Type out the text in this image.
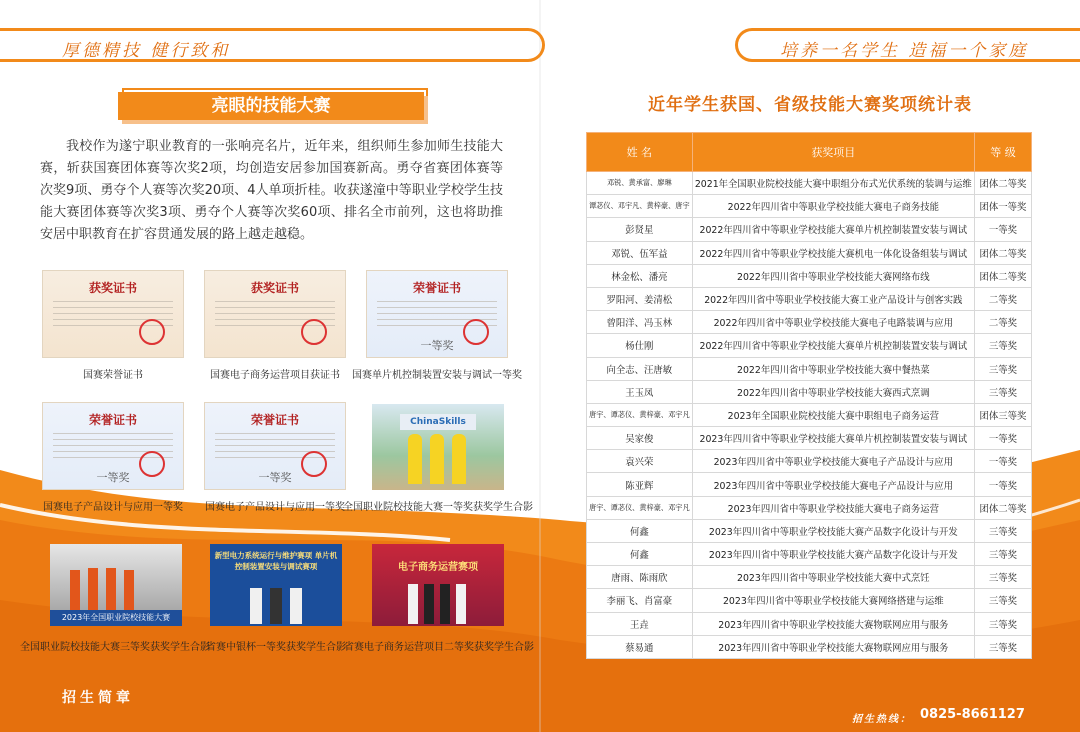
厚德精技 健行致和	培养一名学生 造福一个家庭
亮眼的技能大赛
我校作为遂宁职业教育的一张响亮名片，近年来，组织师生参加师生技能大赛，斩获国赛团体赛等次奖2项，均创造安居参加国赛新高。勇夺省赛团体赛等次奖9项、勇夺个人赛等次奖20项、4人单项折桂。收获遂潼中等职业学校学生技能大赛团体赛等次奖3项、勇夺个人赛等次奖60项、排名全市前列，这也将助推安居中职教育在扩容贯通发展的路上越走越稳。
获奖证书
国赛荣誉证书
获奖证书
国赛电子商务运营项目获证书
荣誉证书
一等奖
国赛单片机控制装置安装与调试一等奖
荣誉证书
一等奖
国赛电子产品设计与应用一等奖
荣誉证书
一等奖
国赛电子产品设计与应用一等奖
ChinaSkills
全国职业院校技能大赛一等奖获奖学生合影
2023年全国职业院校技能大赛
全国职业院校技能大赛三等奖获奖学生合影
新型电力系统运行与维护赛项 单片机控制装置安装与调试赛项
省赛中银杯一等奖获奖学生合影
电子商务运营赛项
省赛电子商务运营项目二等奖获奖学生合影
招生简章
近年学生获国、省级技能大赛奖项统计表
姓 名	获奖项目	等 级
邓锐、黄承富、廖琳	2021年全国职业院校技能大赛中职组分布式光伏系统的装调与运维	团体二等奖
谭苾仪、邓宇凡、黄梓豪、唐宇	2022年四川省中等职业学校技能大赛电子商务技能	团体一等奖
彭贤星	2022年四川省中等职业学校技能大赛单片机控制装置安装与调试	一等奖
邓锐、伍军益	2022年四川省中等职业学校技能大赛机电一体化设备组装与调试	团体二等奖
林金松、潘亮	2022年四川省中等职业学校技能大赛网络布线	团体二等奖
罗阳河、姜清松	2022年四川省中等职业学校技能大赛工业产品设计与创客实践	二等奖
曾阳洋、冯玉林	2022年四川省中等职业学校技能大赛电子电路装调与应用	二等奖
杨仕刚	2022年四川省中等职业学校技能大赛单片机控制装置安装与调试	三等奖
向全志、汪唐敏	2022年四川省中等职业学校技能大赛中餐热菜	三等奖
王玉凤	2022年四川省中等职业学校技能大赛西式烹调	三等奖
唐宇、谭苾仪、黄梓豪、邓宇凡	2023年全国职业院校技能大赛中职组电子商务运营	团体三等奖
吴家俊	2023年四川省中等职业学校技能大赛单片机控制装置安装与调试	一等奖
袁兴荣	2023年四川省中等职业学校技能大赛电子产品设计与应用	一等奖
陈亚辉	2023年四川省中等职业学校技能大赛电子产品设计与应用	一等奖
唐宇、谭苾仪、黄梓豪、邓宇凡	2023年四川省中等职业学校技能大赛电子商务运营	团体二等奖
何鑫	2023年四川省中等职业学校技能大赛产品数字化设计与开发	三等奖
何鑫	2023年四川省中等职业学校技能大赛产品数字化设计与开发	三等奖
唐雨、陈雨欣	2023年四川省中等职业学校技能大赛中式烹饪	三等奖
李丽飞、肖富豪	2023年四川省中等职业学校技能大赛网络搭建与运维	三等奖
王垚	2023年四川省中等职业学校技能大赛物联网应用与服务	三等奖
蔡易通	2023年四川省中等职业学校技能大赛物联网应用与服务	三等奖
招生热线： 0825-8661127
